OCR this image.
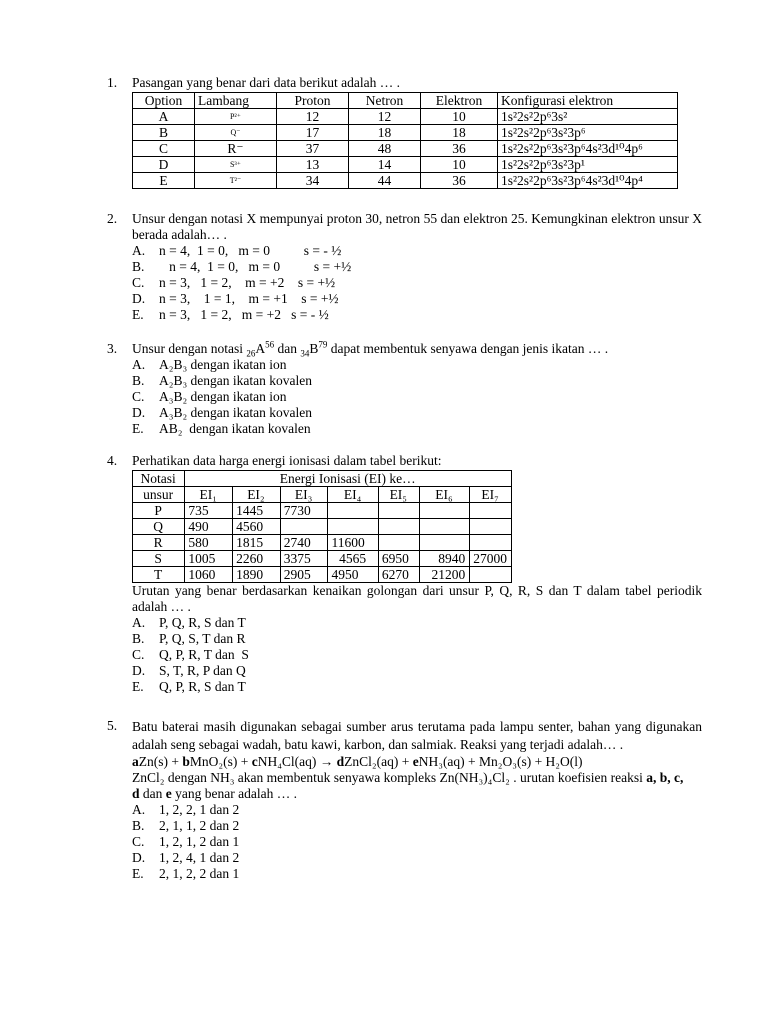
1. Pasangan yang benar dari data berikut adalah … .
Option	Lambang	Proton	Netron	Elektron	Konfigurasi elektron
A	P²⁺	12	12	10	1s²2s²2p⁶3s²
B	Q⁻	17	18	18	1s²2s²2p⁶3s²3p⁶
C	R⁻	37	48	36	1s²2s²2p⁶3s²3p⁶4s²3d¹⁰4p⁶
D	S³⁺	13	14	10	1s²2s²2p⁶3s²3p¹
E	T²⁻	34	44	36	1s²2s²2p⁶3s²3p⁶4s²3d¹⁰4p⁴
2. Unsur dengan notasi X mempunyai proton 30, netron 55 dan elektron 25. Kemungkinan elektron unsur X berada adalah… .
A. n = 4,  1 = 0,   m = 0          s = - ½
B.   n = 4,  1 = 0,   m = 0          s = +½
C. n = 3,   1 = 2,    m = +2    s = +½
D. n = 3,    1 = 1,    m = +1    s = +½
E. n = 3,   1 = 2,   m = +2   s = - ½
3. Unsur dengan notasi $_{26}A^{56}$ dan $_{34}B^{79}$ dapat membentuk senyawa dengan jenis ikatan … .
A. A₂B₃ dengan ikatan ion
B. A₂B₃ dengan ikatan kovalen
C. A₃B₂ dengan ikatan ion
D. A₃B₂ dengan ikatan kovalen
E. AB₂  dengan ikatan kovalen
4. Perhatikan data harga energi ionisasi dalam tabel berikut:
Notasi	Energi Ionisasi (EI) ke…						
unsur	EI₁	EI₂	EI₃	EI₄	EI₅	EI₆	EI₇
P	735	1445	7730				
Q	490	4560					
R	580	1815	2740	11600			
S	1005	2260	3375	4565	6950	8940	27000
T	1060	1890	2905	4950	6270	21200	
Urutan yang benar berdasarkan kenaikan golongan dari unsur P, Q, R, S dan T dalam tabel periodik adalah … .
A. P, Q, R, S dan T
B. P, Q, S, T dan R
C. Q, P, R, T dan  S
D. S, T, R, P dan Q
E. Q, P, R, S dan T
5. Batu baterai masih digunakan sebagai sumber arus terutama pada lampu senter, bahan yang digunakan adalah seng sebagai wadah, batu kawi, karbon, dan salmiak. Reaksi yang terjadi adalah… .
aZn(s) + bMnO₂(s) + cNH₄Cl(aq) → dZnCl₂(aq) + eNH₃(aq) + Mn₂O₃(s) + H₂O(l)
ZnCl₂ dengan NH₃ akan membentuk senyawa kompleks Zn(NH₃)₄Cl₂ . urutan koefisien reaksi a, b, c,
d dan e yang benar adalah … .
A. 1, 2, 2, 1 dan 2
B. 2, 1, 1, 2 dan 2
C. 1, 2, 1, 2 dan 1
D. 1, 2, 4, 1 dan 2
E. 2, 1, 2, 2 dan 1
